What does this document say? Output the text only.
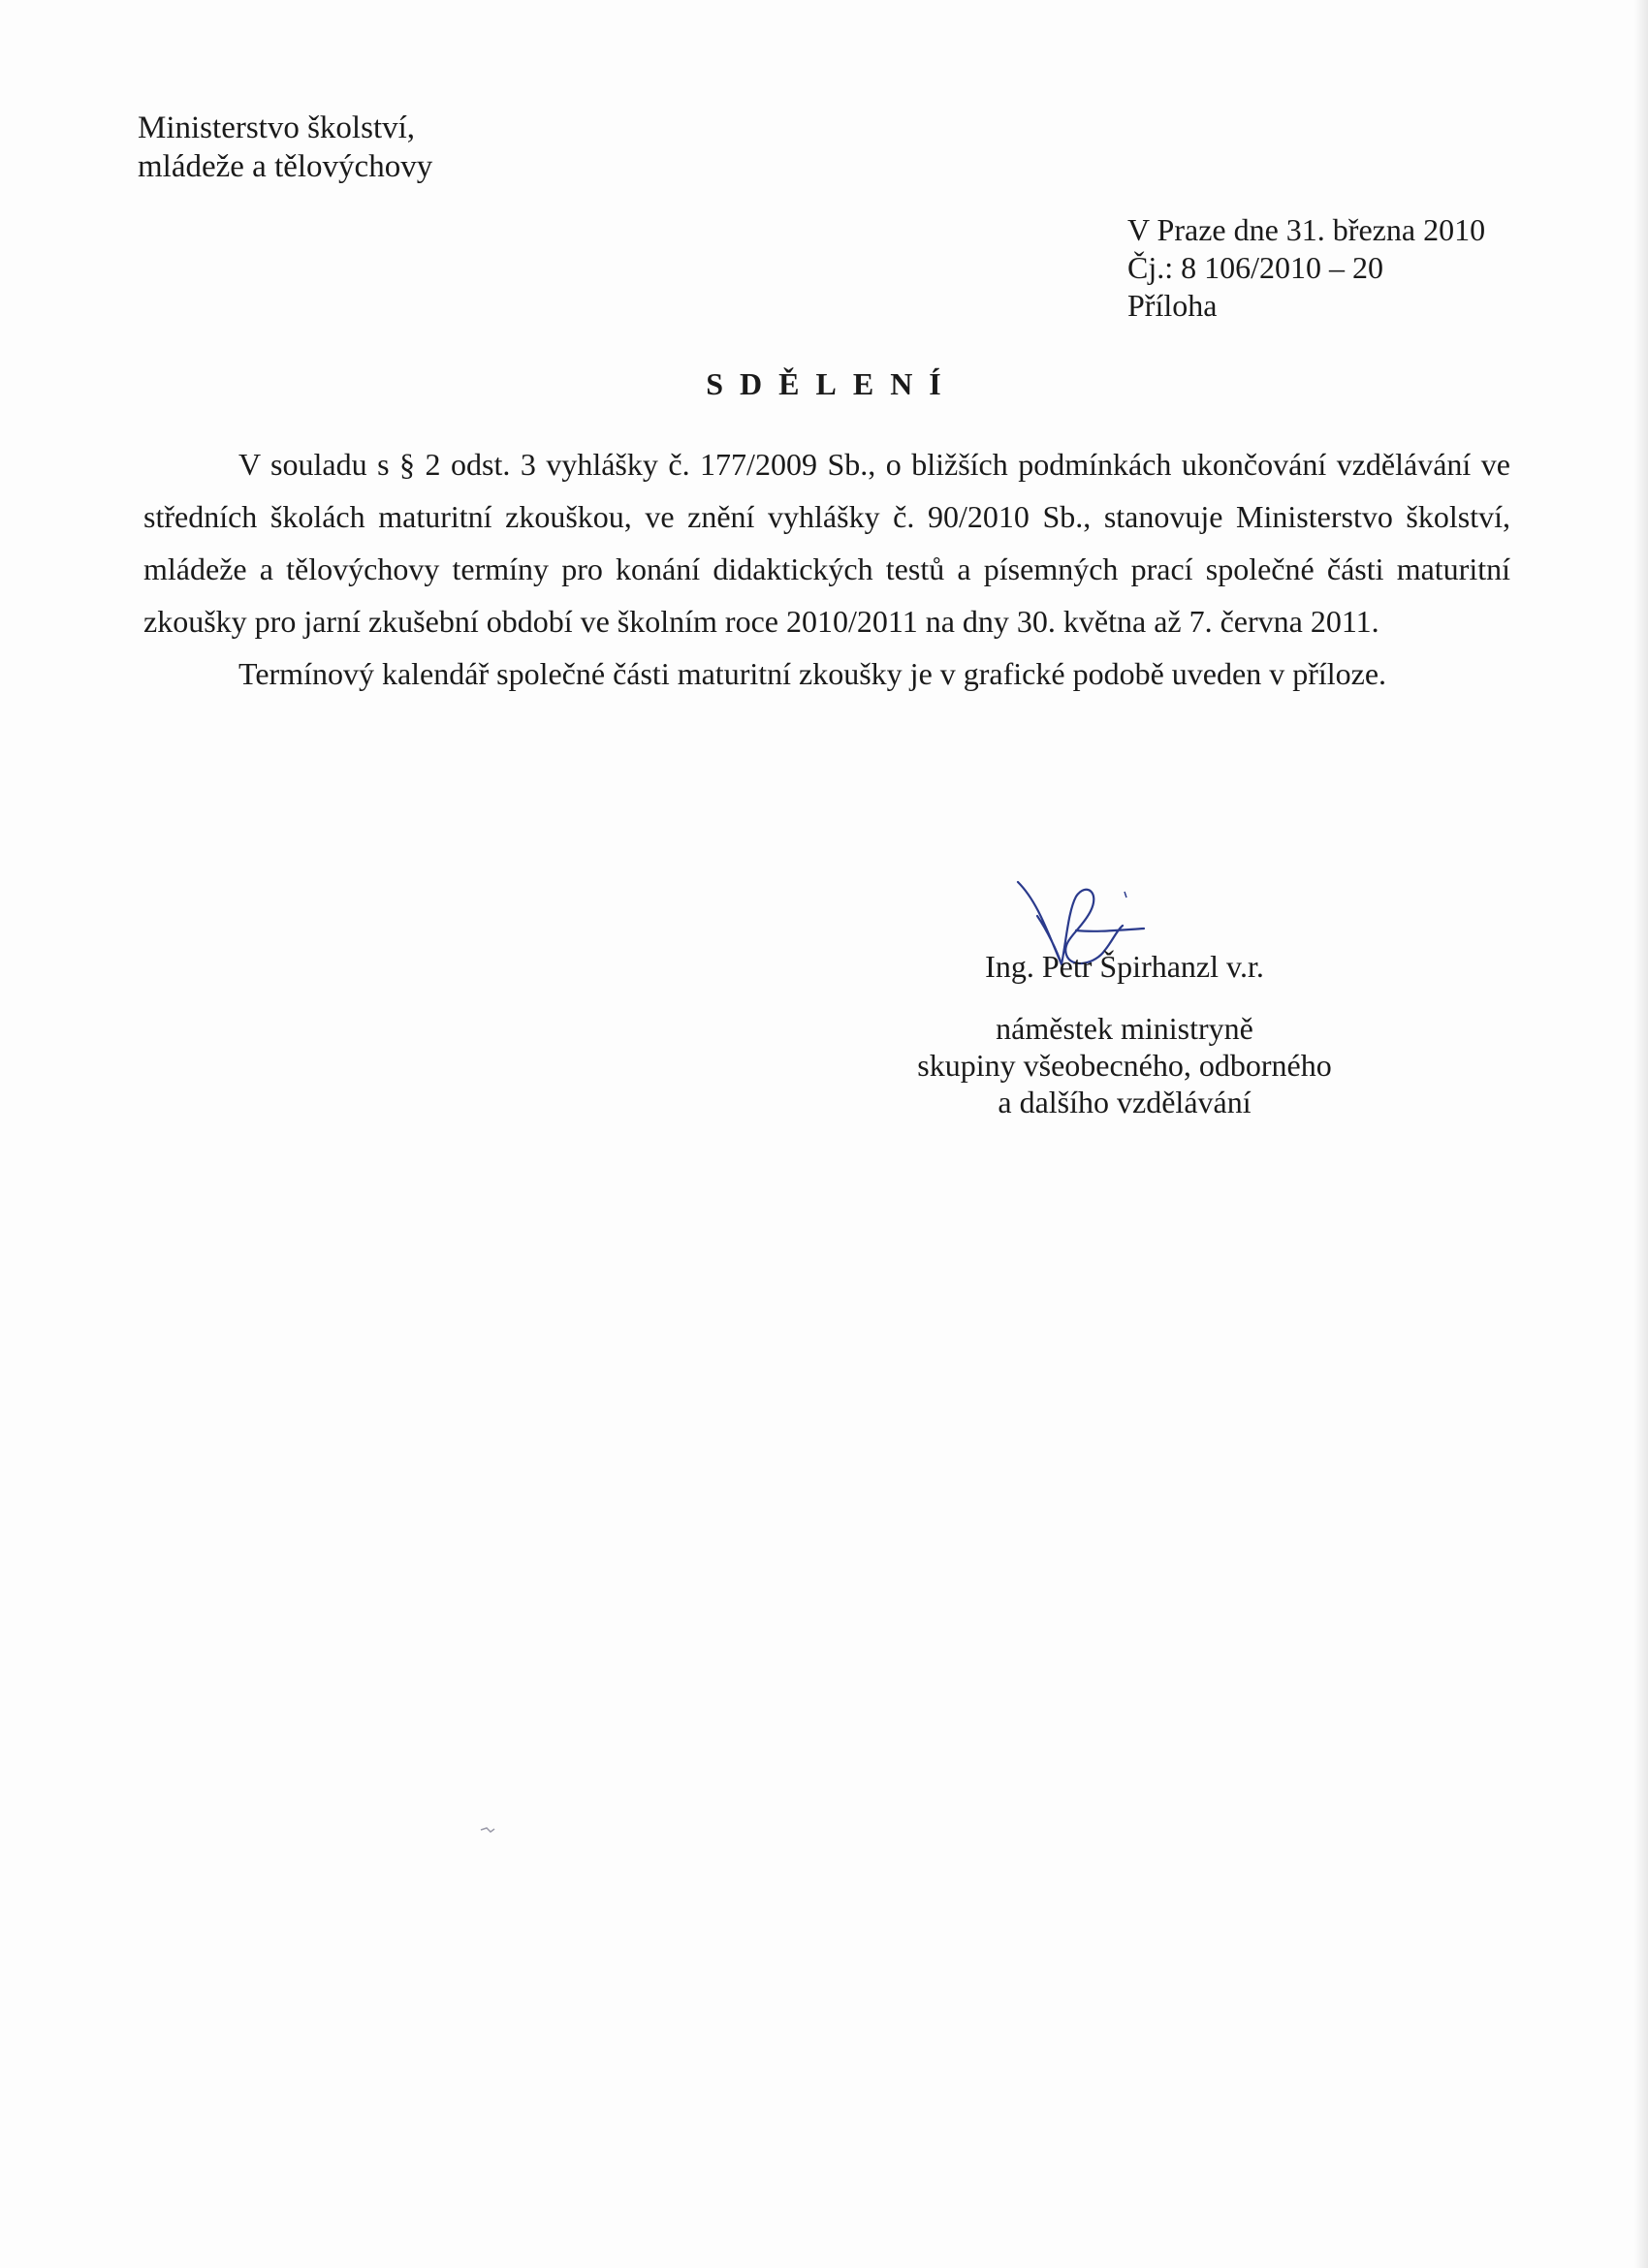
Ministerstvo školství,
mládeže a tělovýchovy
V Praze dne 31. března 2010
Čj.: 8 106/2010 – 20
Příloha
SDĚLENÍ

V souladu s § 2 odst. 3 vyhlášky č. 177/2009 Sb., o bližších podmínkách ukončování vzdělávání ve středních školách maturitní zkouškou, ve znění vyhlášky č. 90/2010 Sb., stanovuje Ministerstvo školství, mládeže a tělovýchovy termíny pro konání didaktických testů a písemných prací společné části maturitní zkoušky pro jarní zkušební období ve školním roce 2010/2011 na dny 30. května až 7. června 2011.

Termínový kalendář společné části maturitní zkoušky je v grafické podobě uveden v příloze.

Ing. Petr Špirhanzl v.r.
náměstek ministryně
skupiny všeobecného, odborného
a dalšího vzdělávání
